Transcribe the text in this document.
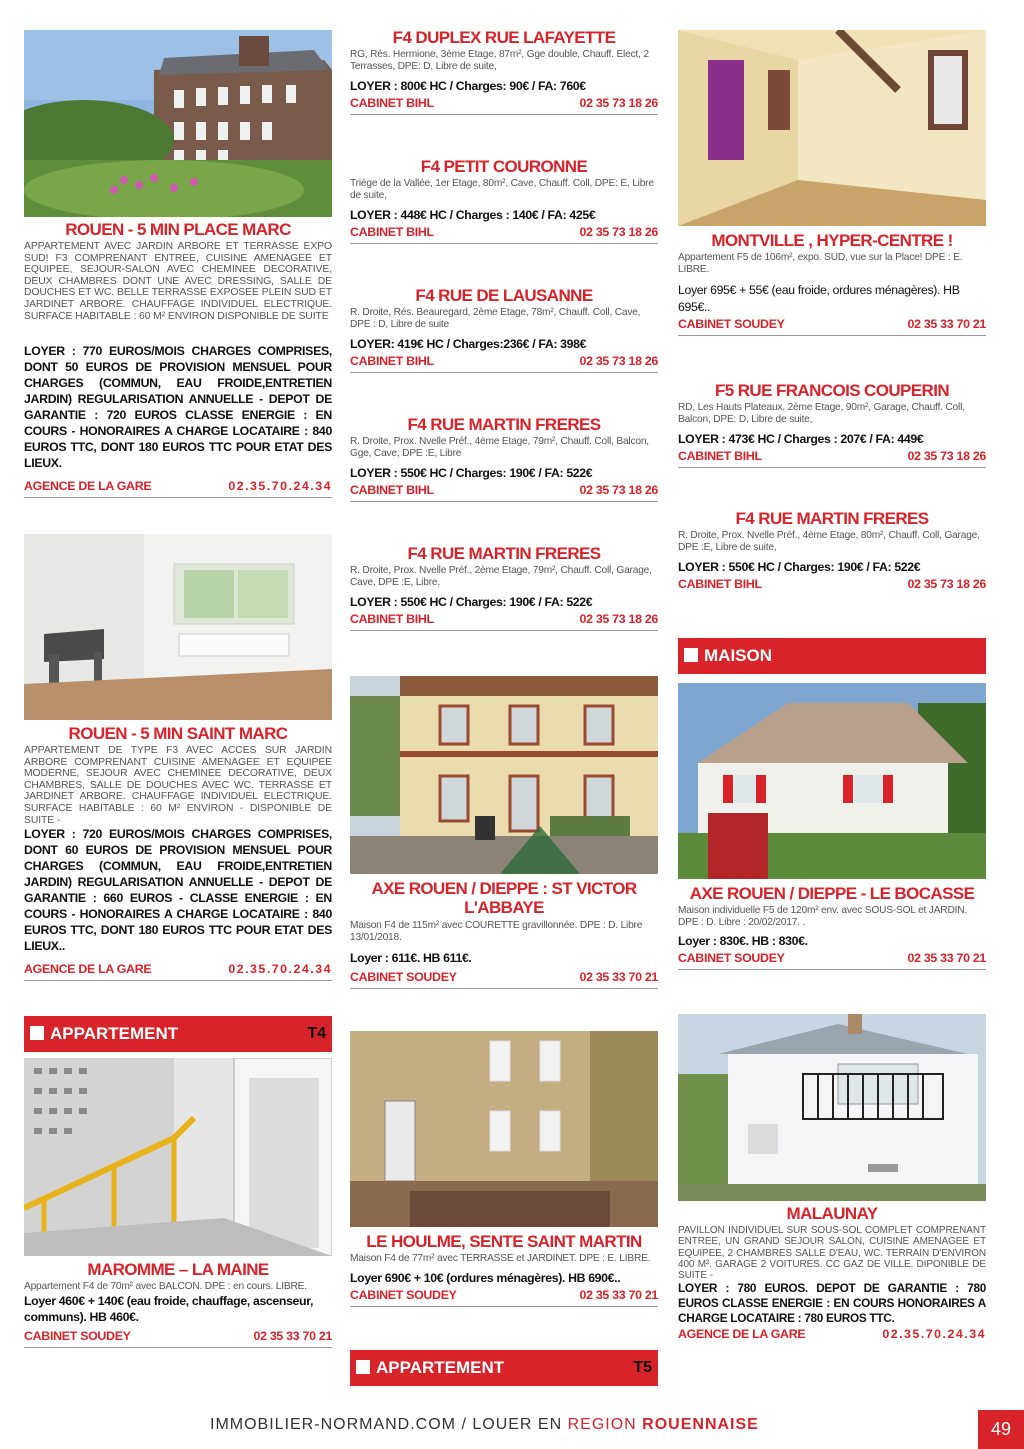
ROUEN - 5 MIN PLACE MARC
APPARTEMENT AVEC JARDIN ARBORE ET TERRASSE EXPO SUD! F3 COMPRENANT ENTREE, CUISINE AMENAGEE ET EQUIPEE, SEJOUR-SALON AVEC CHEMINEE DECORATIVE, DEUX CHAMBRES DONT UNE AVEC DRESSING, SALLE DE DOUCHES ET WC. BELLE TERRASSE EXPOSEE PLEIN SUD ET JARDINET ARBORE. CHAUFFAGE INDIVIDUEL ELECTRIQUE. SURFACE HABITABLE : 60 M² ENVIRON DISPONIBLE DE SUITE
LOYER : 770 EUROS/MOIS CHARGES COMPRISES, DONT 50 EUROS DE PROVISION MENSUEL POUR CHARGES (COMMUN, EAU FROIDE,ENTRETIEN JARDIN) REGULARISATION ANNUELLE - DEPOT DE GARANTIE : 720 EUROS CLASSE ENERGIE : EN COURS - HONORAIRES A CHARGE LOCATAIRE : 840 EUROS TTC, DONT 180 EUROS TTC POUR ETAT DES LIEUX.
AGENCE DE LA GARE	02.35.70.24.34
ROUEN - 5 MIN SAINT MARC
APPARTEMENT DE TYPE F3 AVEC ACCES SUR JARDIN ARBORE COMPRENANT CUISINE AMENAGEE ET EQUIPEE MODERNE, SEJOUR AVEC CHEMINEE DECORATIVE, DEUX CHAMBRES, SALLE DE DOUCHES AVEC WC. TERRASSE ET JARDINET ARBORE. CHAUFFAGE INDIVIDUEL ELECTRIQUE. SURFACE HABITABLE : 60 M² ENVIRON - DISPONIBLE DE SUITE -
LOYER : 720 EUROS/MOIS CHARGES COMPRISES, DONT 60 EUROS DE PROVISION MENSUEL POUR CHARGES (COMMUN, EAU FROIDE,ENTRETIEN JARDIN) REGULARISATION ANNUELLE - DEPOT DE GARANTIE : 660 EUROS - CLASSE ENERGIE : EN COURS - HONORAIRES A CHARGE LOCATAIRE : 840 EUROS TTC, DONT 180 EUROS TTC POUR ETAT DES LIEUX..
AGENCE DE LA GARE	02.35.70.24.34
APPARTEMENT	T4
MAROMME – LA MAINE
Appartement F4 de 70m² avec BALCON. DPE : en cours. LIBRE.
Loyer 460€ + 140€ (eau froide, chauffage, ascenseur, communs). HB 460€.
CABINET SOUDEY	02 35 33 70 21
F4 DUPLEX RUE LAFAYETTE
RG, Rés. Hermione, 3ème Etage, 87m², Gge double, Chauff. Elect, 2 Terrasses, DPE: D, Libre de suite,
LOYER : 800€ HC / Charges: 90€ / FA: 760€
CABINET BIHL	02 35 73 18 26
F4 PETIT COURONNE
Triège de la Vallée, 1er Etage, 80m², Cave, Chauff. Coll, DPE: E, Libre de suite,
LOYER : 448€ HC / Charges : 140€ / FA: 425€
CABINET BIHL	02 35 73 18 26
F4 RUE DE LAUSANNE
R. Droite, Rés. Beauregard, 2ème Etage, 78m², Chauff. Coll, Cave, DPE : D, Libre de suite
LOYER: 419€ HC / Charges:236€ / FA: 398€
CABINET BIHL	02 35 73 18 26
F4 RUE MARTIN FRERES
R. Droite, Prox. Nvelle Préf., 4ème Etage, 79m², Chauff. Coll, Balcon, Gge, Cave, DPE :E, Libre
LOYER : 550€ HC / Charges: 190€ / FA: 522€
CABINET BIHL	02 35 73 18 26
F4 RUE MARTIN FRERES
R. Droite, Prox. Nvelle Préf., 2ème Etage, 79m², Chauff. Coll, Garage, Cave, DPE :E, Libre,
LOYER : 550€ HC / Charges: 190€ / FA: 522€
CABINET BIHL	02 35 73 18 26
AXE ROUEN / DIEPPE : ST VICTOR L'ABBAYE
Maison F4 de 115m² avec COURETTE gravillonnée. DPE : D. Libre 13/01/2018.
Loyer : 611€. HB 611€.
CABINET SOUDEY	02 35 33 70 21
LE HOULME, SENTE SAINT MARTIN
Maison F4 de 77m² avec TERRASSE et JARDINET. DPE : E. LIBRE.
Loyer 690€ + 10€ (ordures ménagères). HB 690€..
CABINET SOUDEY	02 35 33 70 21
APPARTEMENT	T5
MONTVILLE , HYPER-CENTRE !
Appartement F5 de 106m², expo. SUD, vue sur la Place! DPE : E. LIBRE.
Loyer 695€ + 55€ (eau froide, ordures ménagères). HB 695€..
CABINET SOUDEY	02 35 33 70 21
F5 RUE FRANCOIS COUPERIN
RD, Les Hauts Plateaux, 2ème Etage, 90m², Garage, Chauff. Coll, Balcon, DPE: D, Libre de suite,
LOYER : 473€ HC / Charges : 207€ / FA: 449€
CABINET BIHL	02 35 73 18 26
F4 RUE MARTIN FRERES
R. Droite, Prox. Nvelle Préf., 4ème Etage, 80m², Chauff. Coll, Garage, DPE :E, Libre de suite,
LOYER : 550€ HC / Charges: 190€ / FA: 522€
CABINET BIHL	02 35 73 18 26
MAISON
AXE ROUEN / DIEPPE - LE BOCASSE
Maison individuelle F5 de 120m² env. avec SOUS-SOL et JARDIN. DPE : D. Libre : 20/02/2017. .
Loyer : 830€. HB : 830€.
CABINET SOUDEY	02 35 33 70 21
MALAUNAY
PAVILLON INDIVIDUEL SUR SOUS-SOL COMPLET COMPRENANT ENTREE, UN GRAND SEJOUR SALON, CUISINE AMENAGEE ET EQUIPEE, 2 CHAMBRES SALLE D'EAU, WC. TERRAIN D'ENVIRON 400 M². GARAGE 2 VOITURES. CC GAZ DE VILLE. DIPONIBLE DE SUITE -
LOYER : 780 EUROS. DEPOT DE GARANTIE : 780 EUROS CLASSE ENERGIE : EN COURS HONORAIRES A CHARGE LOCATAIRE : 780 EUROS TTC.
AGENCE DE LA GARE	02.35.70.24.34
IMMOBILIER-NORMAND.COM / LOUER EN REGION ROUENNAISE	49
